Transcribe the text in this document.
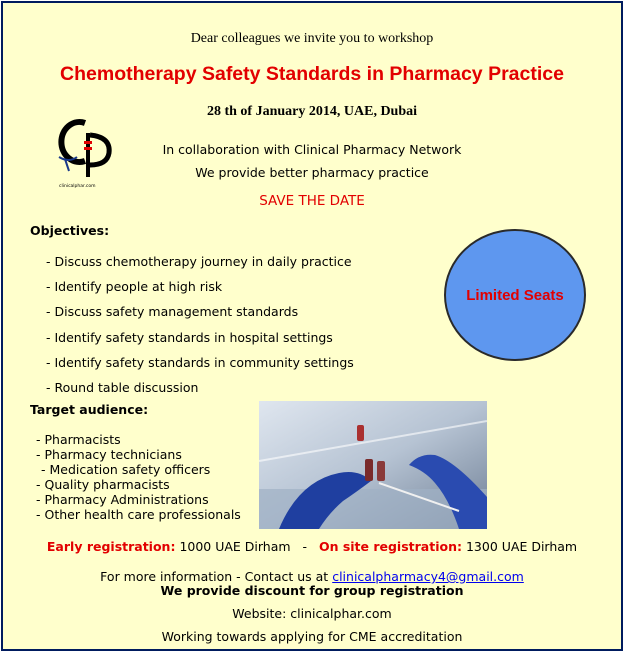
Dear colleagues we invite you to workshop
Chemotherapy Safety Standards in Pharmacy Practice
28 th of January 2014, UAE, Dubai
clinicalphar.com
In collaboration with Clinical Pharmacy Network
We provide better pharmacy practice
SAVE THE DATE
Objectives:
- Discuss chemotherapy journey in daily practice
- Identify people at high risk
- Discuss safety management standards
- Identify safety standards in hospital settings
- Identify safety standards in community settings
- Round table discussion
Limited Seats
Target audience:
- Pharmacists
- Pharmacy technicians
- Medication safety officers
- Quality pharmacists
- Pharmacy Administrations
- Other health care professionals
Early registration: 1000 UAE Dirham - On site registration: 1300 UAE Dirham
For more information - Contact us at clinicalpharmacy4@gmail.com
We provide discount for group registration
Website: clinicalphar.com
Working towards applying for CME accreditation
